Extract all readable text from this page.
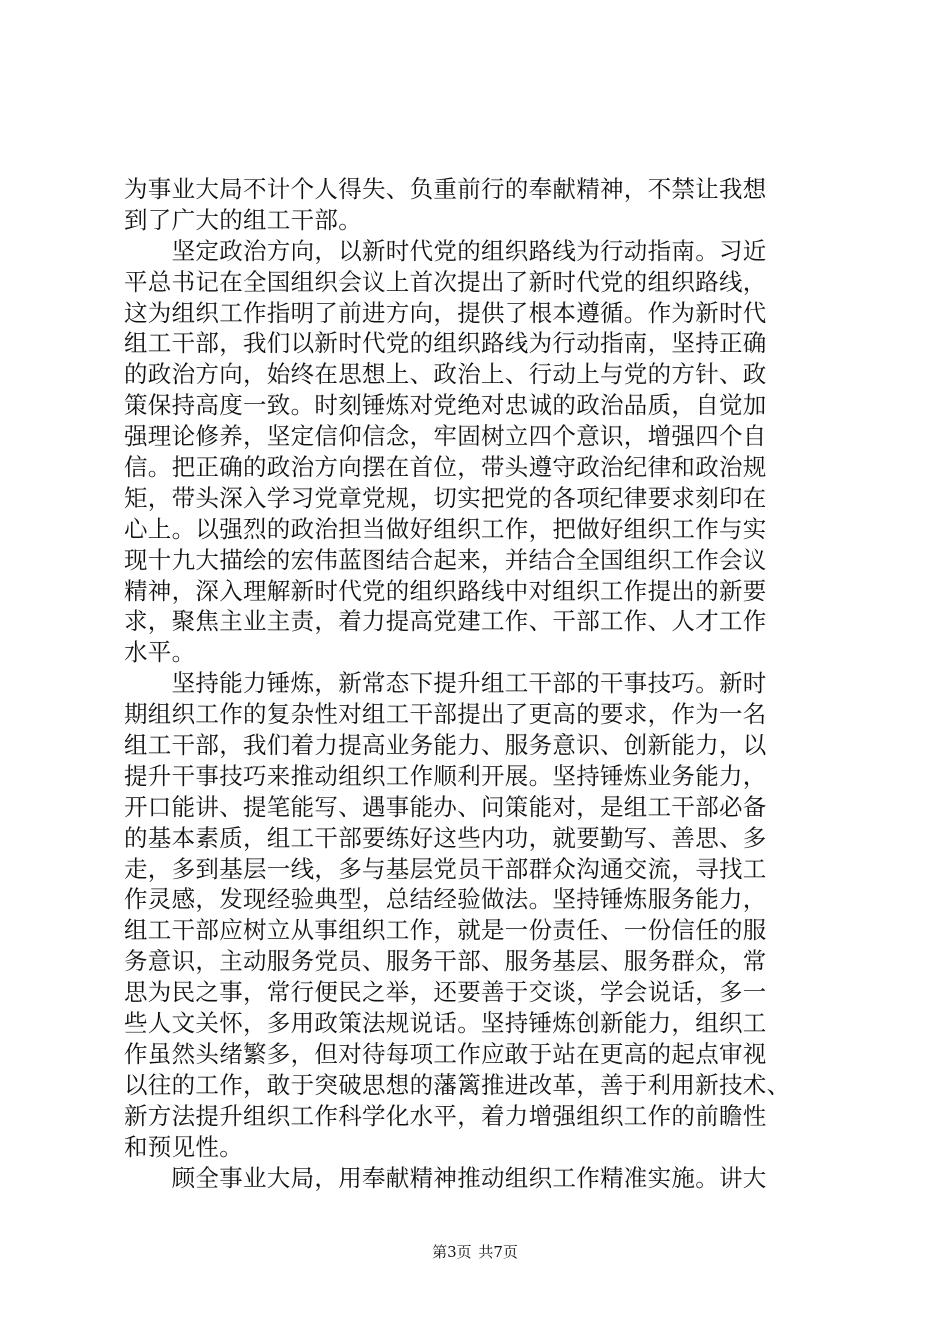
为事业大局不计个人得失、负重前行的奉献精神，不禁让我想
到了广大的组工干部。
　　坚定政治方向，以新时代党的组织路线为行动指南。习近
平总书记在全国组织会议上首次提出了新时代党的组织路线，
这为组织工作指明了前进方向，提供了根本遵循。作为新时代
组工干部，我们以新时代党的组织路线为行动指南，坚持正确
的政治方向，始终在思想上、政治上、行动上与党的方针、政
策保持高度一致。时刻锤炼对党绝对忠诚的政治品质，自觉加
强理论修养，坚定信仰信念，牢固树立四个意识，增强四个自
信。把正确的政治方向摆在首位，带头遵守政治纪律和政治规
矩，带头深入学习党章党规，切实把党的各项纪律要求刻印在
心上。以强烈的政治担当做好组织工作，把做好组织工作与实
现十九大描绘的宏伟蓝图结合起来，并结合全国组织工作会议
精神，深入理解新时代党的组织路线中对组织工作提出的新要
求，聚焦主业主责，着力提高党建工作、干部工作、人才工作
水平。
　　坚持能力锤炼，新常态下提升组工干部的干事技巧。新时
期组织工作的复杂性对组工干部提出了更高的要求，作为一名
组工干部，我们着力提高业务能力、服务意识、创新能力，以
提升干事技巧来推动组织工作顺利开展。坚持锤炼业务能力，
开口能讲、提笔能写、遇事能办、问策能对，是组工干部必备
的基本素质，组工干部要练好这些内功，就要勤写、善思、多
走，多到基层一线，多与基层党员干部群众沟通交流，寻找工
作灵感，发现经验典型，总结经验做法。坚持锤炼服务能力，
组工干部应树立从事组织工作，就是一份责任、一份信任的服
务意识，主动服务党员、服务干部、服务基层、服务群众，常
思为民之事，常行便民之举，还要善于交谈，学会说话，多一
些人文关怀，多用政策法规说话。坚持锤炼创新能力，组织工
作虽然头绪繁多，但对待每项工作应敢于站在更高的起点审视
以往的工作，敢于突破思想的藩篱推进改革，善于利用新技术、
新方法提升组织工作科学化水平，着力增强组织工作的前瞻性
和预见性。
　　顾全事业大局，用奉献精神推动组织工作精准实施。讲大
第3页 共7页
